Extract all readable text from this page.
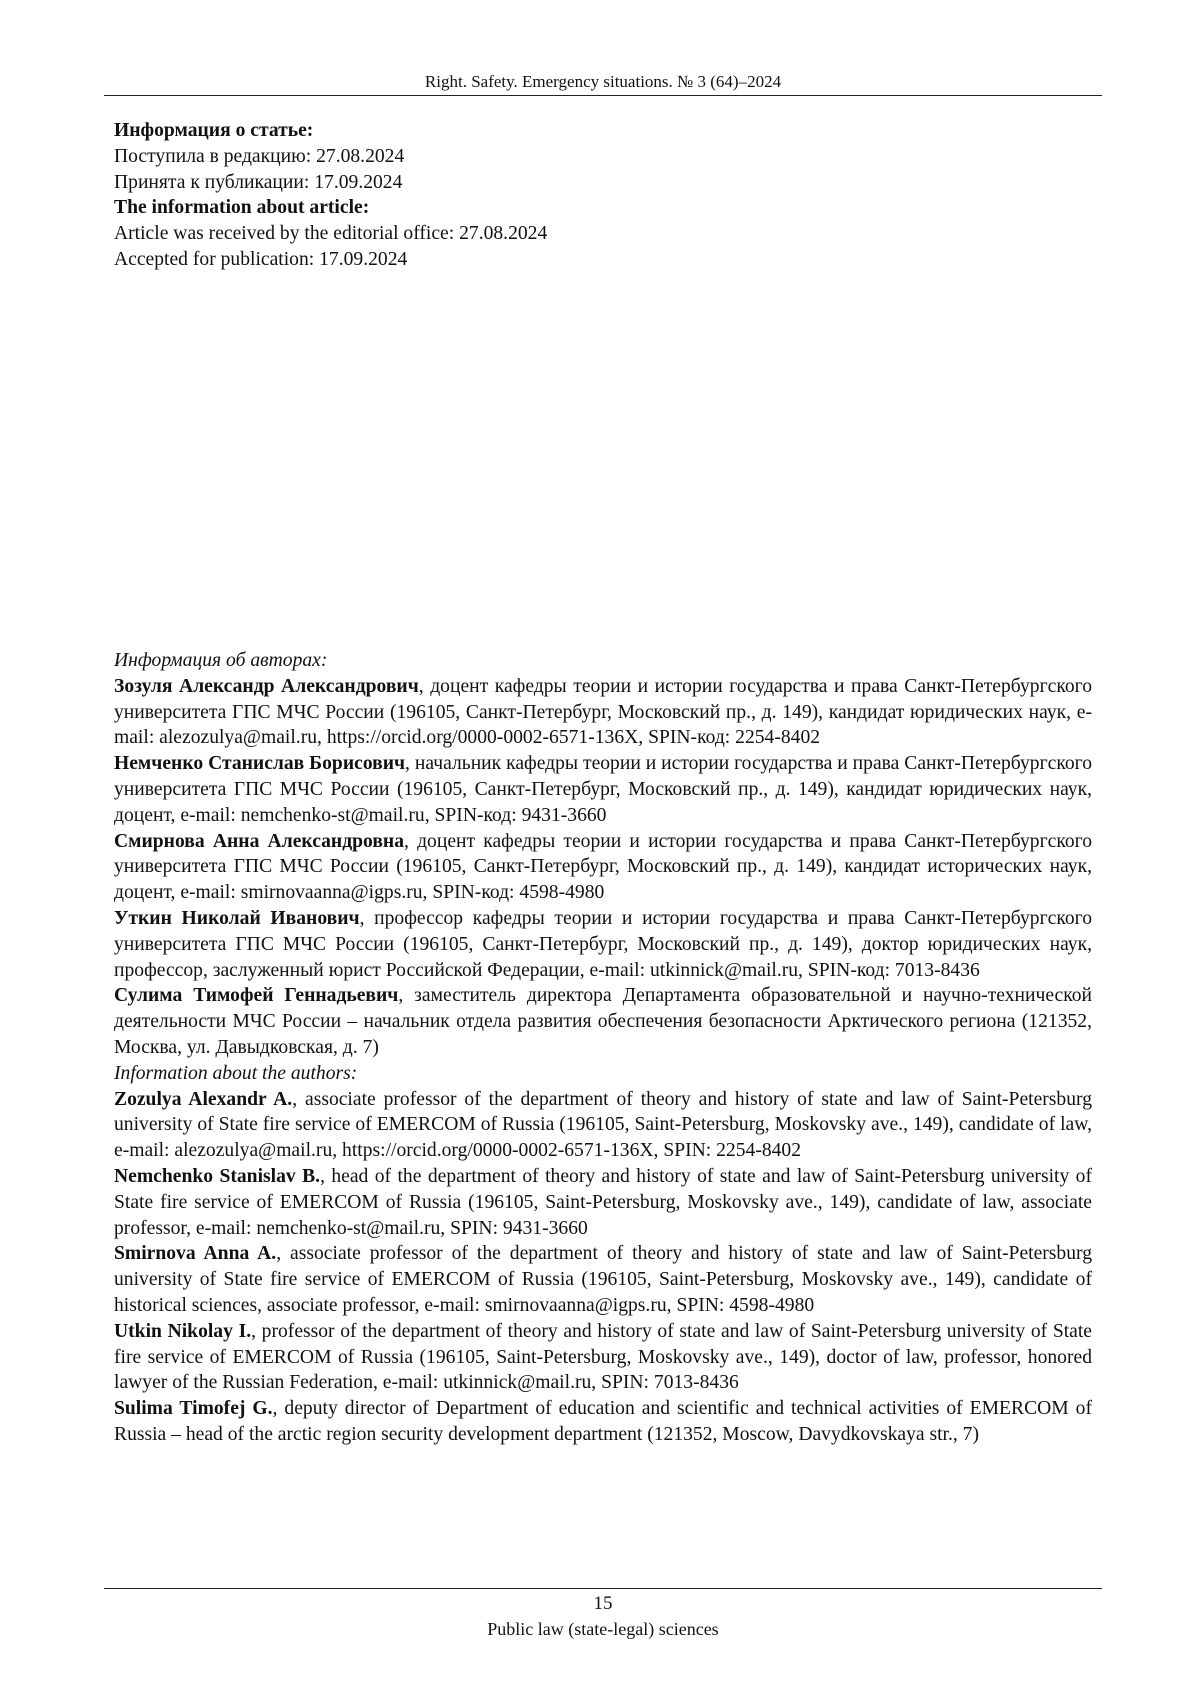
Right. Safety. Emergency situations. № 3 (64)–2024

Информация о статье:

Поступила в редакцию: 27.08.2024

Принята к публикации: 17.09.2024

The information about article:

Article was received by the editorial office: 27.08.2024

Accepted for publication: 17.09.2024

Информация об авторах:

Зозуля Александр Александрович, доцент кафедры теории и истории государства и права Санкт-Петербургского университета ГПС МЧС России (196105, Санкт-Петербург, Московский пр., д. 149), кандидат юридических наук, e-mail: alezozulya@mail.ru, https://orcid.org/0000-0002-6571-136X, SPIN-код: 2254-8402

Немченко Станислав Борисович, начальник кафедры теории и истории государства и права Санкт-Петербургского университета ГПС МЧС России (196105, Санкт-Петербург, Московский пр., д. 149), кандидат юридических наук, доцент, e-mail: nemchenko-st@mail.ru, SPIN-код: 9431-3660

Смирнова Анна Александровна, доцент кафедры теории и истории государства и права Санкт-Петербургского университета ГПС МЧС России (196105, Санкт-Петербург, Московский пр., д. 149), кандидат исторических наук, доцент, e-mail: smirnovaanna@igps.ru, SPIN-код: 4598-4980

Уткин Николай Иванович, профессор кафедры теории и истории государства и права Санкт-Петербургского университета ГПС МЧС России (196105, Санкт-Петербург, Московский пр., д. 149), доктор юридических наук, профессор, заслуженный юрист Российской Федерации, e-mail: utkinnick@mail.ru, SPIN-код: 7013-8436

Сулима Тимофей Геннадьевич, заместитель директора Департамента образовательной и научно-технической деятельности МЧС России – начальник отдела развития обеспечения безопасности Арктического региона (121352, Москва, ул. Давыдковская, д. 7)

Information about the authors:

Zozulya Alexandr A., associate professor of the department of theory and history of state and law of Saint-Petersburg university of State fire service of EMERCOM of Russia (196105, Saint-Petersburg, Moskovsky ave., 149), candidate of law, e-mail: alezozulya@mail.ru, https://orcid.org/0000-0002-6571-136X, SPIN: 2254-8402

Nemchenko Stanislav B., head of the department of theory and history of state and law of Saint-Petersburg university of State fire service of EMERCOM of Russia (196105, Saint-Petersburg, Moskovsky ave., 149), candidate of law, associate professor, e-mail: nemchenko-st@mail.ru, SPIN: 9431-3660

Smirnova Anna A., associate professor of the department of theory and history of state and law of Saint-Petersburg university of State fire service of EMERCOM of Russia (196105, Saint-Petersburg, Moskovsky ave., 149), candidate of historical sciences, associate professor, e-mail: smirnovaanna@igps.ru, SPIN: 4598-4980

Utkin Nikolay I., professor of the department of theory and history of state and law of Saint-Petersburg university of State fire service of EMERCOM of Russia (196105, Saint-Petersburg, Moskovsky ave., 149), doctor of law, professor, honored lawyer of the Russian Federation, e-mail: utkinnick@mail.ru, SPIN: 7013-8436

Sulima Timofej G., deputy director of Department of education and scientific and technical activities of EMERCOM of Russia – head of the arctic region security development department (121352, Moscow, Davydkovskaya str., 7)

15
Public law (state-legal) sciences
